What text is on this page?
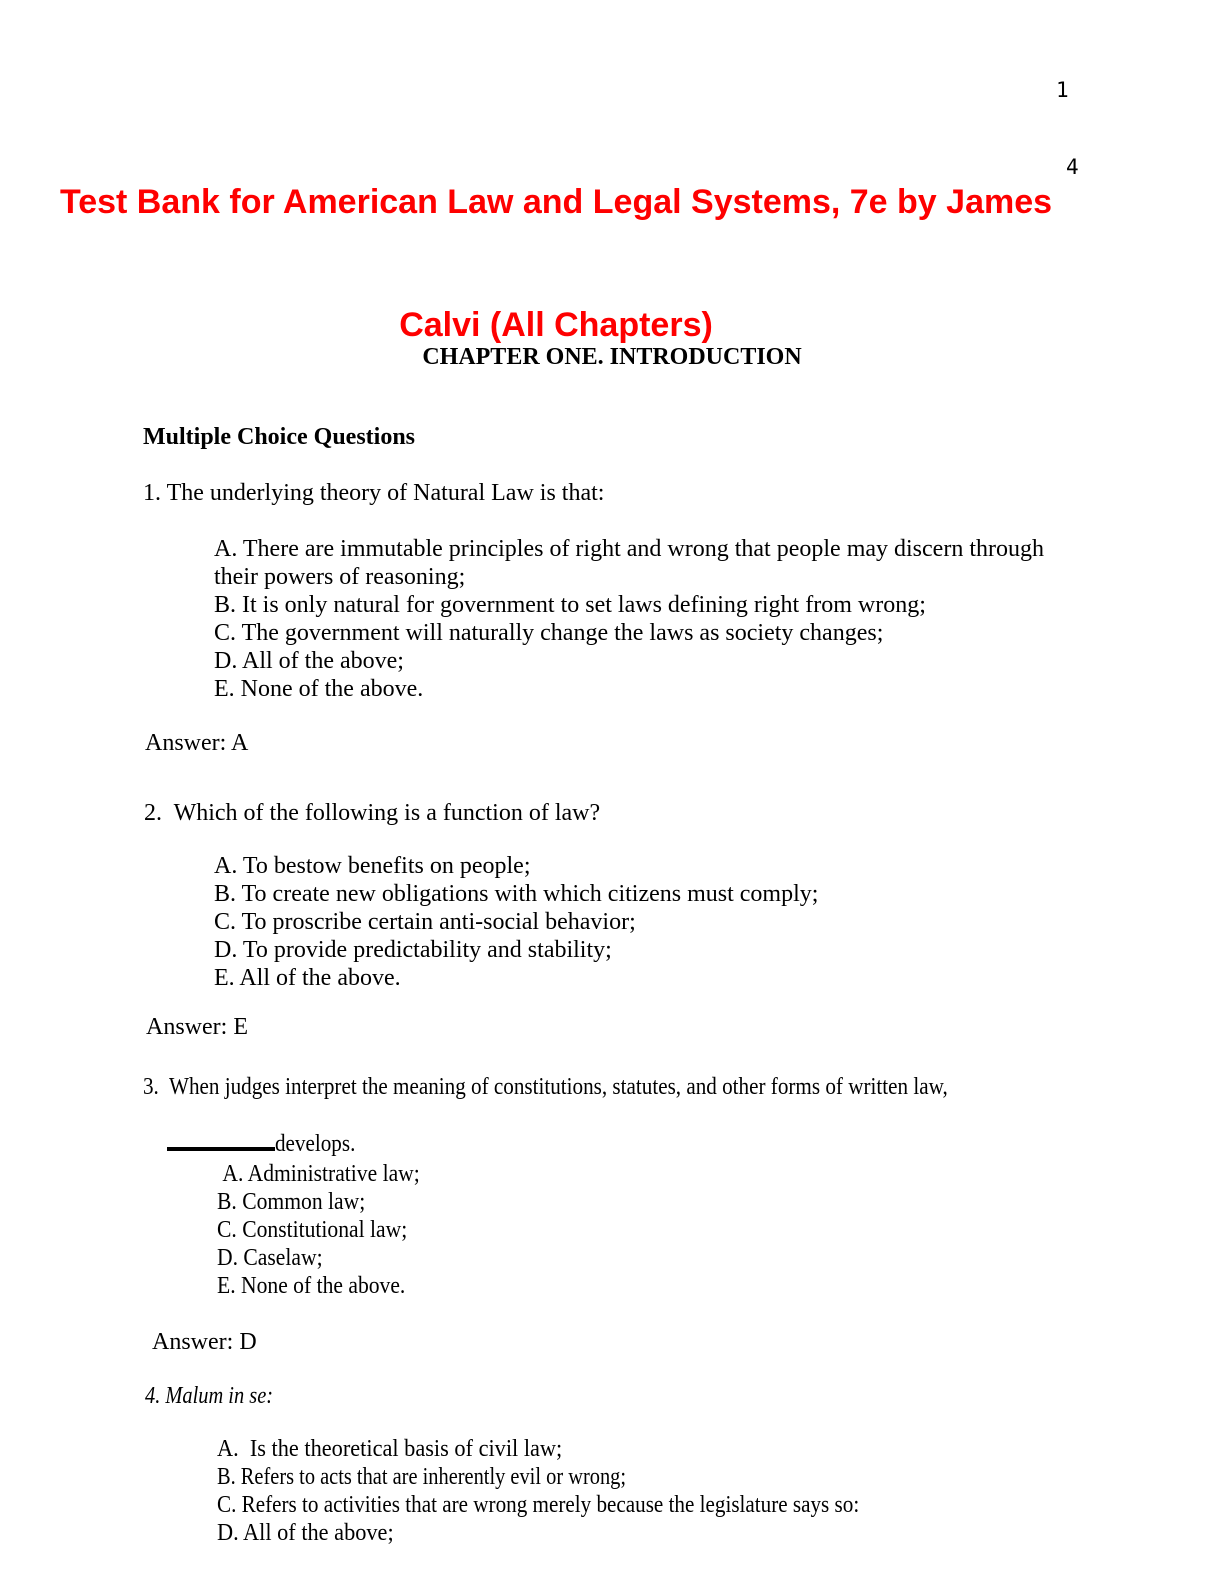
1

Test Bank for American Law and Legal Systems, 7e by James

Calvi (All Chapters)

4
CHAPTER ONE. INTRODUCTION
Multiple Choice Questions
1. The underlying theory of Natural Law is that:
A. There are immutable principles of right and wrong that people may discern through
their powers of reasoning;
B. It is only natural for government to set laws defining right from wrong;
C. The government will naturally change the laws as society changes;
D. All of the above;
E. None of the above.
Answer: A
2.  Which of the following is a function of law?
A. To bestow benefits on people;
B. To create new obligations with which citizens must comply;
C. To proscribe certain anti-social behavior;
D. To provide predictability and stability;
E. All of the above.
Answer: E
3.  When judges interpret the meaning of constitutions, statutes, and other forms of written law,

develops.

A. Administrative law;
B. Common law;
C. Constitutional law;
D. Caselaw;
E. None of the above.
Answer: D
4. Malum in se:
A.  Is the theoretical basis of civil law;
B. Refers to acts that are inherently evil or wrong;
C. Refers to activities that are wrong merely because the legislature says so:
D. All of the above;
